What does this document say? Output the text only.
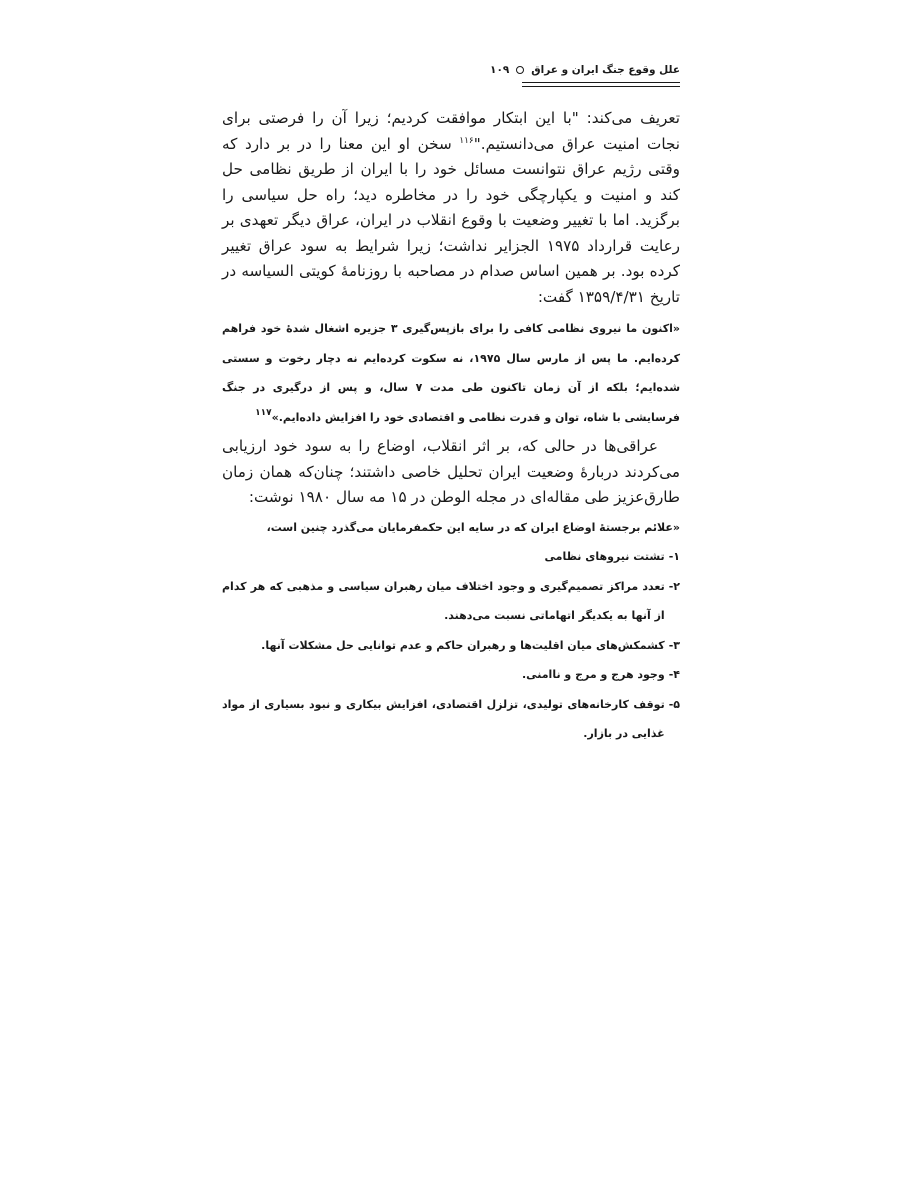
علل وقوع جنگ ایران و عراق
۱۰۹

تعریف می‌کند: "با این ابتکار موافقت کردیم؛ زیرا آن را فرصتی برای نجات امنیت عراق می‌دانستیم."$^{۱۱۶}$ سخن او این معنا را در بر دارد که وقتی رژیم عراق نتوانست مسائل خود را با ایران از طریق نظامی حل کند و امنیت و یکپارچگی خود را در مخاطره دید؛ راه حل سیاسی را برگزید. اما با تغییر وضعیت با وقوع انقلاب در ایران، عراق دیگر تعهدی بر رعایت قرارداد ۱۹۷۵ الجزایر نداشت؛ زیرا شرایط به سود عراق تغییر کرده بود. بر همین اساس صدام در مصاحبه با روزنامهٔ کویتی السیاسه در تاریخ ۱۳۵۹/۴/۳۱ گفت:

«اکنون ما نیروی نظامی کافی را برای بازپس‌گیری ۳ جزیره اشغال شدهٔ خود فراهم کرده‌ایم. ما پس از مارس سال ۱۹۷۵، نه سکوت کرده‌ایم نه دچار رخوت و سستی شده‌ایم؛ بلکه از آن زمان تاکنون طی مدت ۷ سال، و پس از درگیری در جنگ فرسایشی با شاه، توان و قدرت نظامی و اقتصادی خود را افزایش داده‌ایم.»$^{۱۱۷}$

عراقی‌ها در حالی که، بر اثر انقلاب، اوضاع را به سود خود ارزیابی می‌کردند دربارهٔ وضعیت ایران تحلیل خاصی داشتند؛ چنان‌که همان زمان طارق‌عزیز طی مقاله‌ای در مجله الوطن در ۱۵ مه سال ۱۹۸۰ نوشت:

«علائم برجستهٔ اوضاع ایران که در سایه این حکمفرمایان می‌گذرد چنین است،

۱-
تشتت نیروهای نظامی
۲-
تعدد مراکز تصمیم‌گیری و وجود اختلاف میان رهبران سیاسی و مذهبی که هر کدام از آنها به یکدیگر اتهاماتی نسبت می‌دهند.
۳-
کشمکش‌های میان اقلیت‌ها و رهبران حاکم و عدم توانایی حل مشکلات آنها.
۴-
وجود هرج و مرج و ناامنی.
۵-
توقف کارخانه‌های تولیدی، تزلزل اقتصادی، افزایش بیکاری و نبود بسیاری از مواد غذایی در بازار.
